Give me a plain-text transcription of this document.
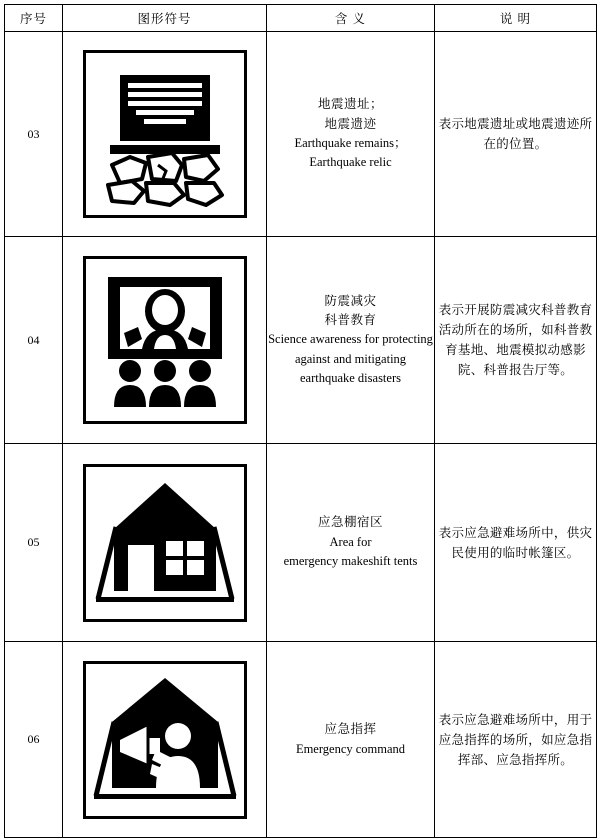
序号	图形符号	含 义	说 明
03		地震遗址；
地震遗迹
Earthquake remains；
Earthquake relic	表示地震遗址或地震遗迹所在的位置。
04		防震减灾
科普教育
Science awareness for protecting
against and mitigating
earthquake disasters	表示开展防震减灾科普教育活动所在的场所，如科普教育基地、地震模拟动感影院、科普报告厅等。
05		应急棚宿区
Area for
emergency makeshift tents	表示应急避难场所中，供灾民使用的临时帐篷区。
06		应急指挥
Emergency command	表示应急避难场所中，用于应急指挥的场所，如应急指挥部、应急指挥所。
